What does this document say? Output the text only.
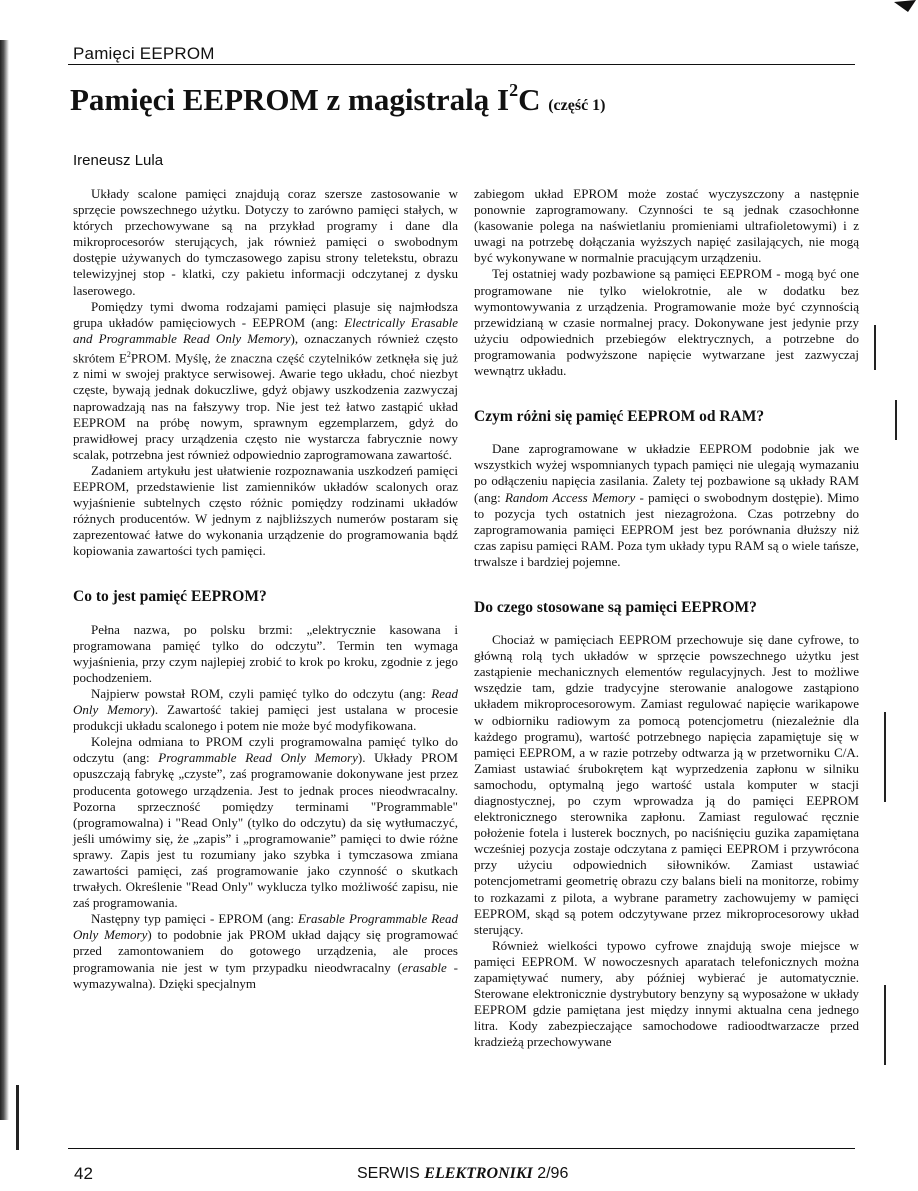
Pamięci EEPROM
Pamięci EEPROM z magistralą $I^2C$ (część 1)
Ireneusz Lula

Układy scalone pamięci znajdują coraz szersze zastosowanie w sprzęcie powszechnego użytku. Dotyczy to zarówno pamięci stałych, w których przechowywane są na przykład programy i dane dla mikroprocesorów sterujących, jak również pamięci o swobodnym dostępie używanych do tymczasowego zapisu strony teletekstu, obrazu telewizyjnej stop - klatki, czy pakietu informacji odczytanej z dysku laserowego.

Pomiędzy tymi dwoma rodzajami pamięci plasuje się najmłodsza grupa układów pamięciowych - EEPROM (ang: Electrically Erasable and Programmable Read Only Memory), oznaczanych również często skrótem $E^2PROM$. Myślę, że znaczna część czytelników zetknęła się już z nimi w swojej praktyce serwisowej. Awarie tego układu, choć niezbyt częste, bywają jednak dokuczliwe, gdyż objawy uszkodzenia zazwyczaj naprowadzają nas na fałszywy trop. Nie jest też łatwo zastąpić układ EEPROM na próbę nowym, sprawnym egzemplarzem, gdyż do prawidłowej pracy urządzenia często nie wystarcza fabrycznie nowy scalak, potrzebna jest również odpowiednio zaprogramowana zawartość.

Zadaniem artykułu jest ułatwienie rozpoznawania uszkodzeń pamięci EEPROM, przedstawienie list zamienników układów scalonych oraz wyjaśnienie subtelnych często różnic pomiędzy rodzinami układów różnych producentów. W jednym z najbliższych numerów postaram się zaprezentować łatwe do wykonania urządzenie do programowania bądź kopiowania zawartości tych pamięci.

Co to jest pamięć EEPROM?

Pełna nazwa, po polsku brzmi: „elektrycznie kasowana i programowana pamięć tylko do odczytu”. Termin ten wymaga wyjaśnienia, przy czym najlepiej zrobić to krok po kroku, zgodnie z jego pochodzeniem.

Najpierw powstał ROM, czyli pamięć tylko do odczytu (ang: Read Only Memory). Zawartość takiej pamięci jest ustalana w procesie produkcji układu scalonego i potem nie może być modyfikowana.

Kolejna odmiana to PROM czyli programowalna pamięć tylko do odczytu (ang: Programmable Read Only Memory). Układy PROM opuszczają fabrykę „czyste”, zaś programowanie dokonywane jest przez producenta gotowego urządzenia. Jest to jednak proces nieodwracalny. Pozorna sprzeczność pomiędzy terminami "Programmable" (programowalna) i "Read Only" (tylko do odczytu) da się wytłumaczyć, jeśli umówimy się, że „zapis” i „programowanie” pamięci to dwie różne sprawy. Zapis jest tu rozumiany jako szybka i tymczasowa zmiana zawartości pamięci, zaś programowanie jako czynność o skutkach trwałych. Określenie "Read Only" wyklucza tylko możliwość zapisu, nie zaś programowania.

Następny typ pamięci - EPROM (ang: Erasable Programmable Read Only Memory) to podobnie jak PROM układ dający się programować przed zamontowaniem do gotowego urządzenia, ale proces programowania nie jest w tym przypadku nieodwracalny (erasable - wymazywalna). Dzięki specjalnym

zabiegom układ EPROM może zostać wyczyszczony a następnie ponownie zaprogramowany. Czynności te są jednak czasochłonne (kasowanie polega na naświetlaniu promieniami ultrafioletowymi) i z uwagi na potrzebę dołączania wyższych napięć zasilających, nie mogą być wykonywane w normalnie pracującym urządzeniu.

Tej ostatniej wady pozbawione są pamięci EEPROM - mogą być one programowane nie tylko wielokrotnie, ale w dodatku bez wymontowywania z urządzenia. Programowanie może być czynnością przewidzianą w czasie normalnej pracy. Dokonywane jest jedynie przy użyciu odpowiednich przebiegów elektrycznych, a potrzebne do programowania podwyższone napięcie wytwarzane jest zazwyczaj wewnątrz układu.

Czym różni się pamięć EEPROM od RAM?

Dane zaprogramowane w układzie EEPROM podobnie jak we wszystkich wyżej wspomnianych typach pamięci nie ulegają wymazaniu po odłączeniu napięcia zasilania. Zalety tej pozbawione są układy RAM (ang: Random Access Memory - pamięci o swobodnym dostępie). Mimo to pozycja tych ostatnich jest niezagrożona. Czas potrzebny do zaprogramowania pamięci EEPROM jest bez porównania dłuższy niż czas zapisu pamięci RAM. Poza tym układy typu RAM są o wiele tańsze, trwalsze i bardziej pojemne.

Do czego stosowane są pamięci EEPROM?

Chociaż w pamięciach EEPROM przechowuje się dane cyfrowe, to główną rolą tych układów w sprzęcie powszechnego użytku jest zastąpienie mechanicznych elementów regulacyjnych. Jest to możliwe wszędzie tam, gdzie tradycyjne sterowanie analogowe zastąpiono układem mikroprocesorowym. Zamiast regulować napięcie warikapowe w odbiorniku radiowym za pomocą potencjometru (niezależnie dla każdego programu), wartość potrzebnego napięcia zapamiętuje się w pamięci EEPROM, a w razie potrzeby odtwarza ją w przetworniku C/A. Zamiast ustawiać śrubokrętem kąt wyprzedzenia zapłonu w silniku samochodu, optymalną jego wartość ustala komputer w stacji diagnostycznej, po czym wprowadza ją do pamięci EEPROM elektronicznego sterownika zapłonu. Zamiast regulować ręcznie położenie fotela i lusterek bocznych, po naciśnięciu guzika zapamiętana wcześniej pozycja zostaje odczytana z pamięci EEPROM i przywrócona przy użyciu odpowiednich siłowników. Zamiast ustawiać potencjometrami geometrię obrazu czy balans bieli na monitorze, robimy to rozkazami z pilota, a wybrane parametry zachowujemy w pamięci EEPROM, skąd są potem odczytywane przez mikroprocesorowy układ sterujący.

Również wielkości typowo cyfrowe znajdują swoje miejsce w pamięci EEPROM. W nowoczesnych aparatach telefonicznych można zapamiętywać numery, aby później wybierać je automatycznie. Sterowane elektronicznie dystrybutory benzyny są wyposażone w układy EEPROM gdzie pamiętana jest między innymi aktualna cena jednego litra. Kody zabezpieczające samochodowe radioodtwarzacze przed kradzieżą przechowywane

42	SERWIS ELEKTRONIKI 2/96
